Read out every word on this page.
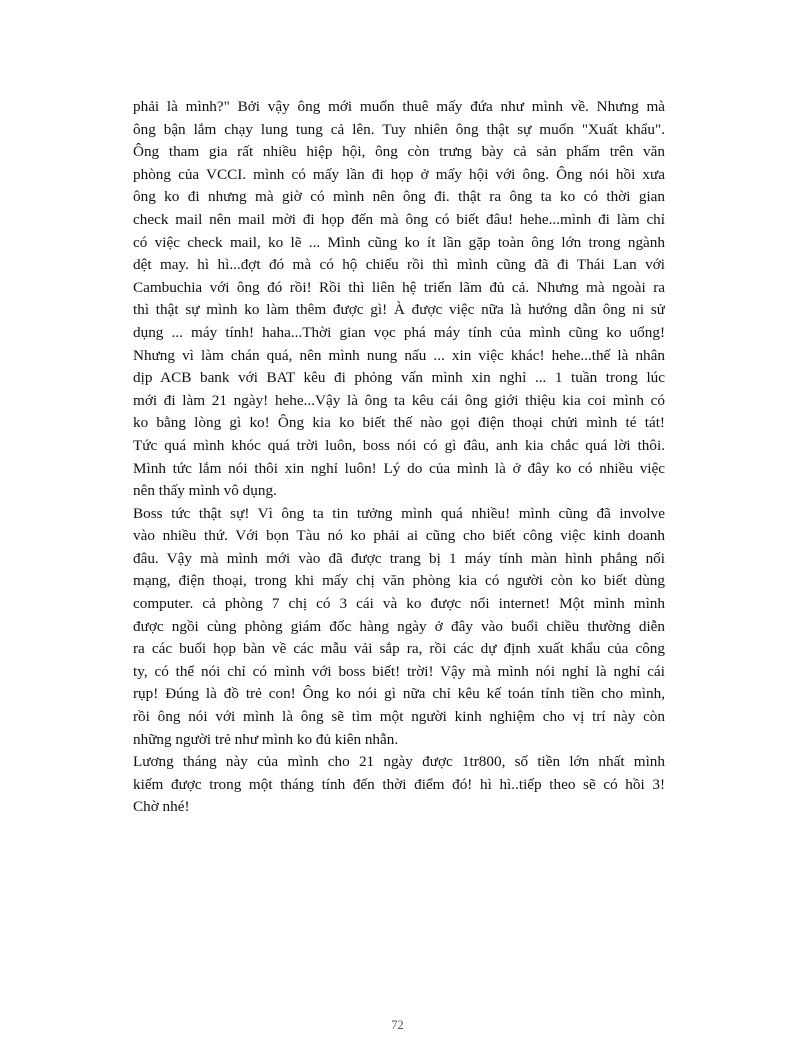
phải là mình?" Bởi vậy ông mới muốn thuê mấy đứa như mình về. Nhưng mà
ông bận lắm chạy lung tung cả lên. Tuy nhiên ông thật sự muốn "Xuất khẩu".
Ông tham gia rất nhiều hiệp hội, ông còn trưng bày cả sản phẩm trên văn
phòng của VCCI. mình có mấy lần đi họp ở mấy hội với ông. Ông nói hồi xưa
ông ko đi nhưng mà giờ có mình nên ông đi. thật ra ông ta ko có thời gian
check mail nên mail mời đi họp đến mà ông có biết đâu! hehe...mình đi làm chỉ
có việc check mail, ko lẽ ... Mình cũng ko ít lần gặp toàn ông lớn trong ngành
dệt may. hì hì...đợt đó mà có hộ chiếu rồi thì mình cũng đã đi Thái Lan với
Cambuchia với ông đó rồi! Rồi thì liên hệ triển lãm đủ cả. Nhưng mà ngoài ra
thì thật sự mình ko làm thêm được gì! À được việc nữa là hướng dẫn ông ni sử
dụng ... máy tính! haha...Thời gian vọc phá máy tính của mình cũng ko uổng!
Nhưng vì làm chán quá, nên mình nung nấu ... xin việc khác! hehe...thế là nhân
dịp ACB bank với BAT kêu đi phỏng vấn mình xin nghỉ ... 1 tuần trong lúc
mới đi làm 21 ngày! hehe...Vậy là ông ta kêu cái ông giới thiệu kia coi mình có
ko bằng lòng gì ko! Ông kia ko biết thế nào gọi điện thoại chửi mình té tát!
Tức quá mình khóc quá trời luôn, boss nói có gì đâu, anh kia chắc quá lời thôi.
Mình tức lắm nói thôi xin nghỉ luôn! Lý do của mình là ở đây ko có nhiều việc
nên thấy mình vô dụng.
Boss tức thật sự! Vì ông ta tin tưởng mình quá nhiều! mình cũng đã involve
vào nhiều thứ. Với bọn Tàu nó ko phải ai cũng cho biết công việc kinh doanh
đâu. Vậy mà mình mới vào đã được trang bị 1 máy tính màn hình phẳng nối
mạng, điện thoại, trong khi mấy chị văn phòng kia có người còn ko biết dùng
computer. cả phòng 7 chị có 3 cái và ko được nối internet! Một mình mình
được ngồi cùng phòng giám đốc hàng ngày ở đây vào buổi chiều thường diễn
ra các buổi họp bàn về các mẫu vải sắp ra, rồi các dự định xuất khẩu của công
ty, có thể nói chỉ có mình với boss biết! trời! Vậy mà mình nói nghỉ là nghỉ cái
rụp! Đúng là đồ trẻ con! Ông ko nói gì nữa chỉ kêu kế toán tính tiền cho mình,
rồi ông nói với mình là ông sẽ tìm một người kinh nghiệm cho vị trí này còn
những người trẻ như mình ko đủ kiên nhẫn.
Lương tháng này của mình cho 21 ngày được 1tr800, số tiền lớn nhất mình
kiếm được trong một tháng tính đến thời điểm đó! hì hì..tiếp theo sẽ có hồi 3!
Chờ nhé!
72
